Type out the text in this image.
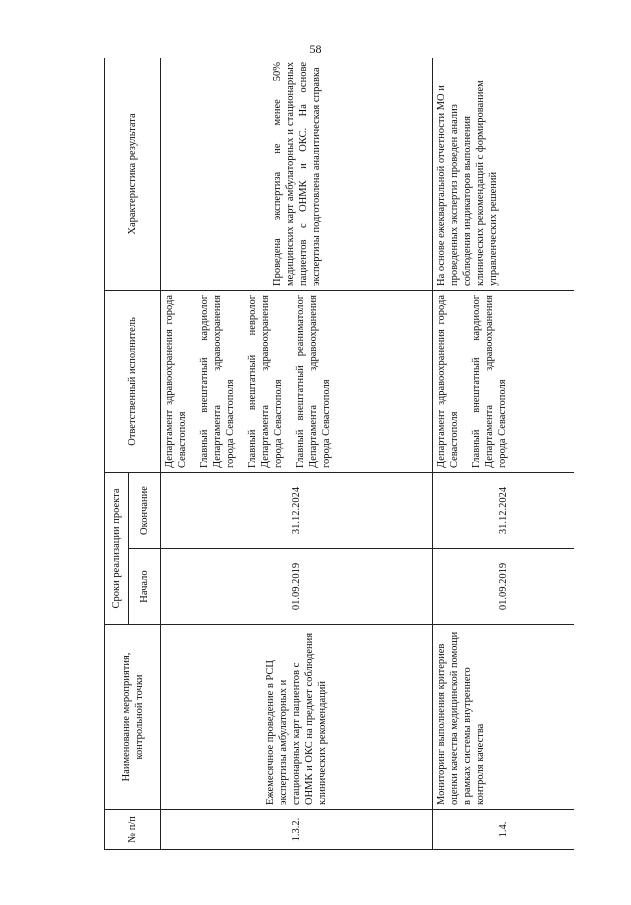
58
№ п/п	Наименование мероприятия, контрольной точки	Сроки реализации проекта		Ответственный исполнитель	Характеристика результата
		Начало	Окончание		
1.3.2.	Ежемесячное проведение в РСЦ экспертизы амбулаторных и стационарных карт пациентов с ОНМК и ОКС на предмет соблюдения клинических рекомендаций	01.09.2019	31.12.2024	Департамент здравоохранения города Севастополя Главный внештатный кардиолог Департамента здравоохранения города Севастополя Главный внештатный невролог Департамента здравоохранения города Севастополя Главный внештатный реаниматолог Департамента здравоохранения города Севастополя	Проведена экспертиза не менее 50% медицинских карт амбулаторных и стационарных пациентов с ОНМК и ОКС. На основе экспертизы подготовлена аналитическая справка
1.4.	Мониторинг выполнения критериев оценки качества медицинской помощи в рамках системы внутреннего контроля качества	01.09.2019	31.12.2024	Департамент здравоохранения города Севастополя Главный внештатный кардиолог Департамента здравоохранения города Севастополя	На основе ежеквартальной отчетности МО и проведенных экспертиз проведен анализ соблюдения индикаторов выполнения клинических рекомендаций с формированием управленческих решений
